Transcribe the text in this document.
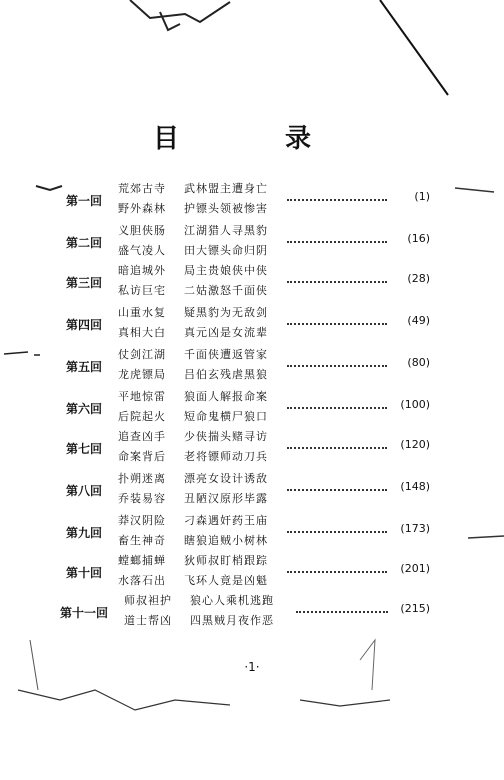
目　录
第一回
荒郊古寺 武林盟主遭身亡
野外森林 护镖头领被惨害
(1)
第二回
义胆侠肠 江湖猎人寻黑豹
盛气凌人 田大镖头命归阴
(16)
第三回
暗追城外 局主贵娘侠中侠
私访巨宅 二姑激怒千面侠
(28)
第四回
山重水复 疑黑豹为无敌剑
真相大白 真元凶是女流辈
(49)
第五回
仗剑江湖 千面侠遭返管家
龙虎镖局 吕伯玄残虐黑狼
(80)
第六回
平地惊雷 狼面人解报命案
后院起火 短命鬼横尸狼口
(100)
第七回
追查凶手 少侠揣头赌寻访
命案背后 老将镖师动刀兵
(120)
第八回
扑朔迷离 漂亮女设计诱敌
乔装易容 丑陋汉原形毕露
(148)
第九回
莽汉阴险 刁森遇奸药王庙
畜生神奇 瞎狼追贼小树林
(173)
第十回
螳螂捕蝉 狄师叔盯梢跟踪
水落石出 飞环人竟是凶魁
(201)
第十一回
师叔袒护 狼心人乘机逃跑
道士帮凶 四黑贼月夜作恶
(215)
·1·
